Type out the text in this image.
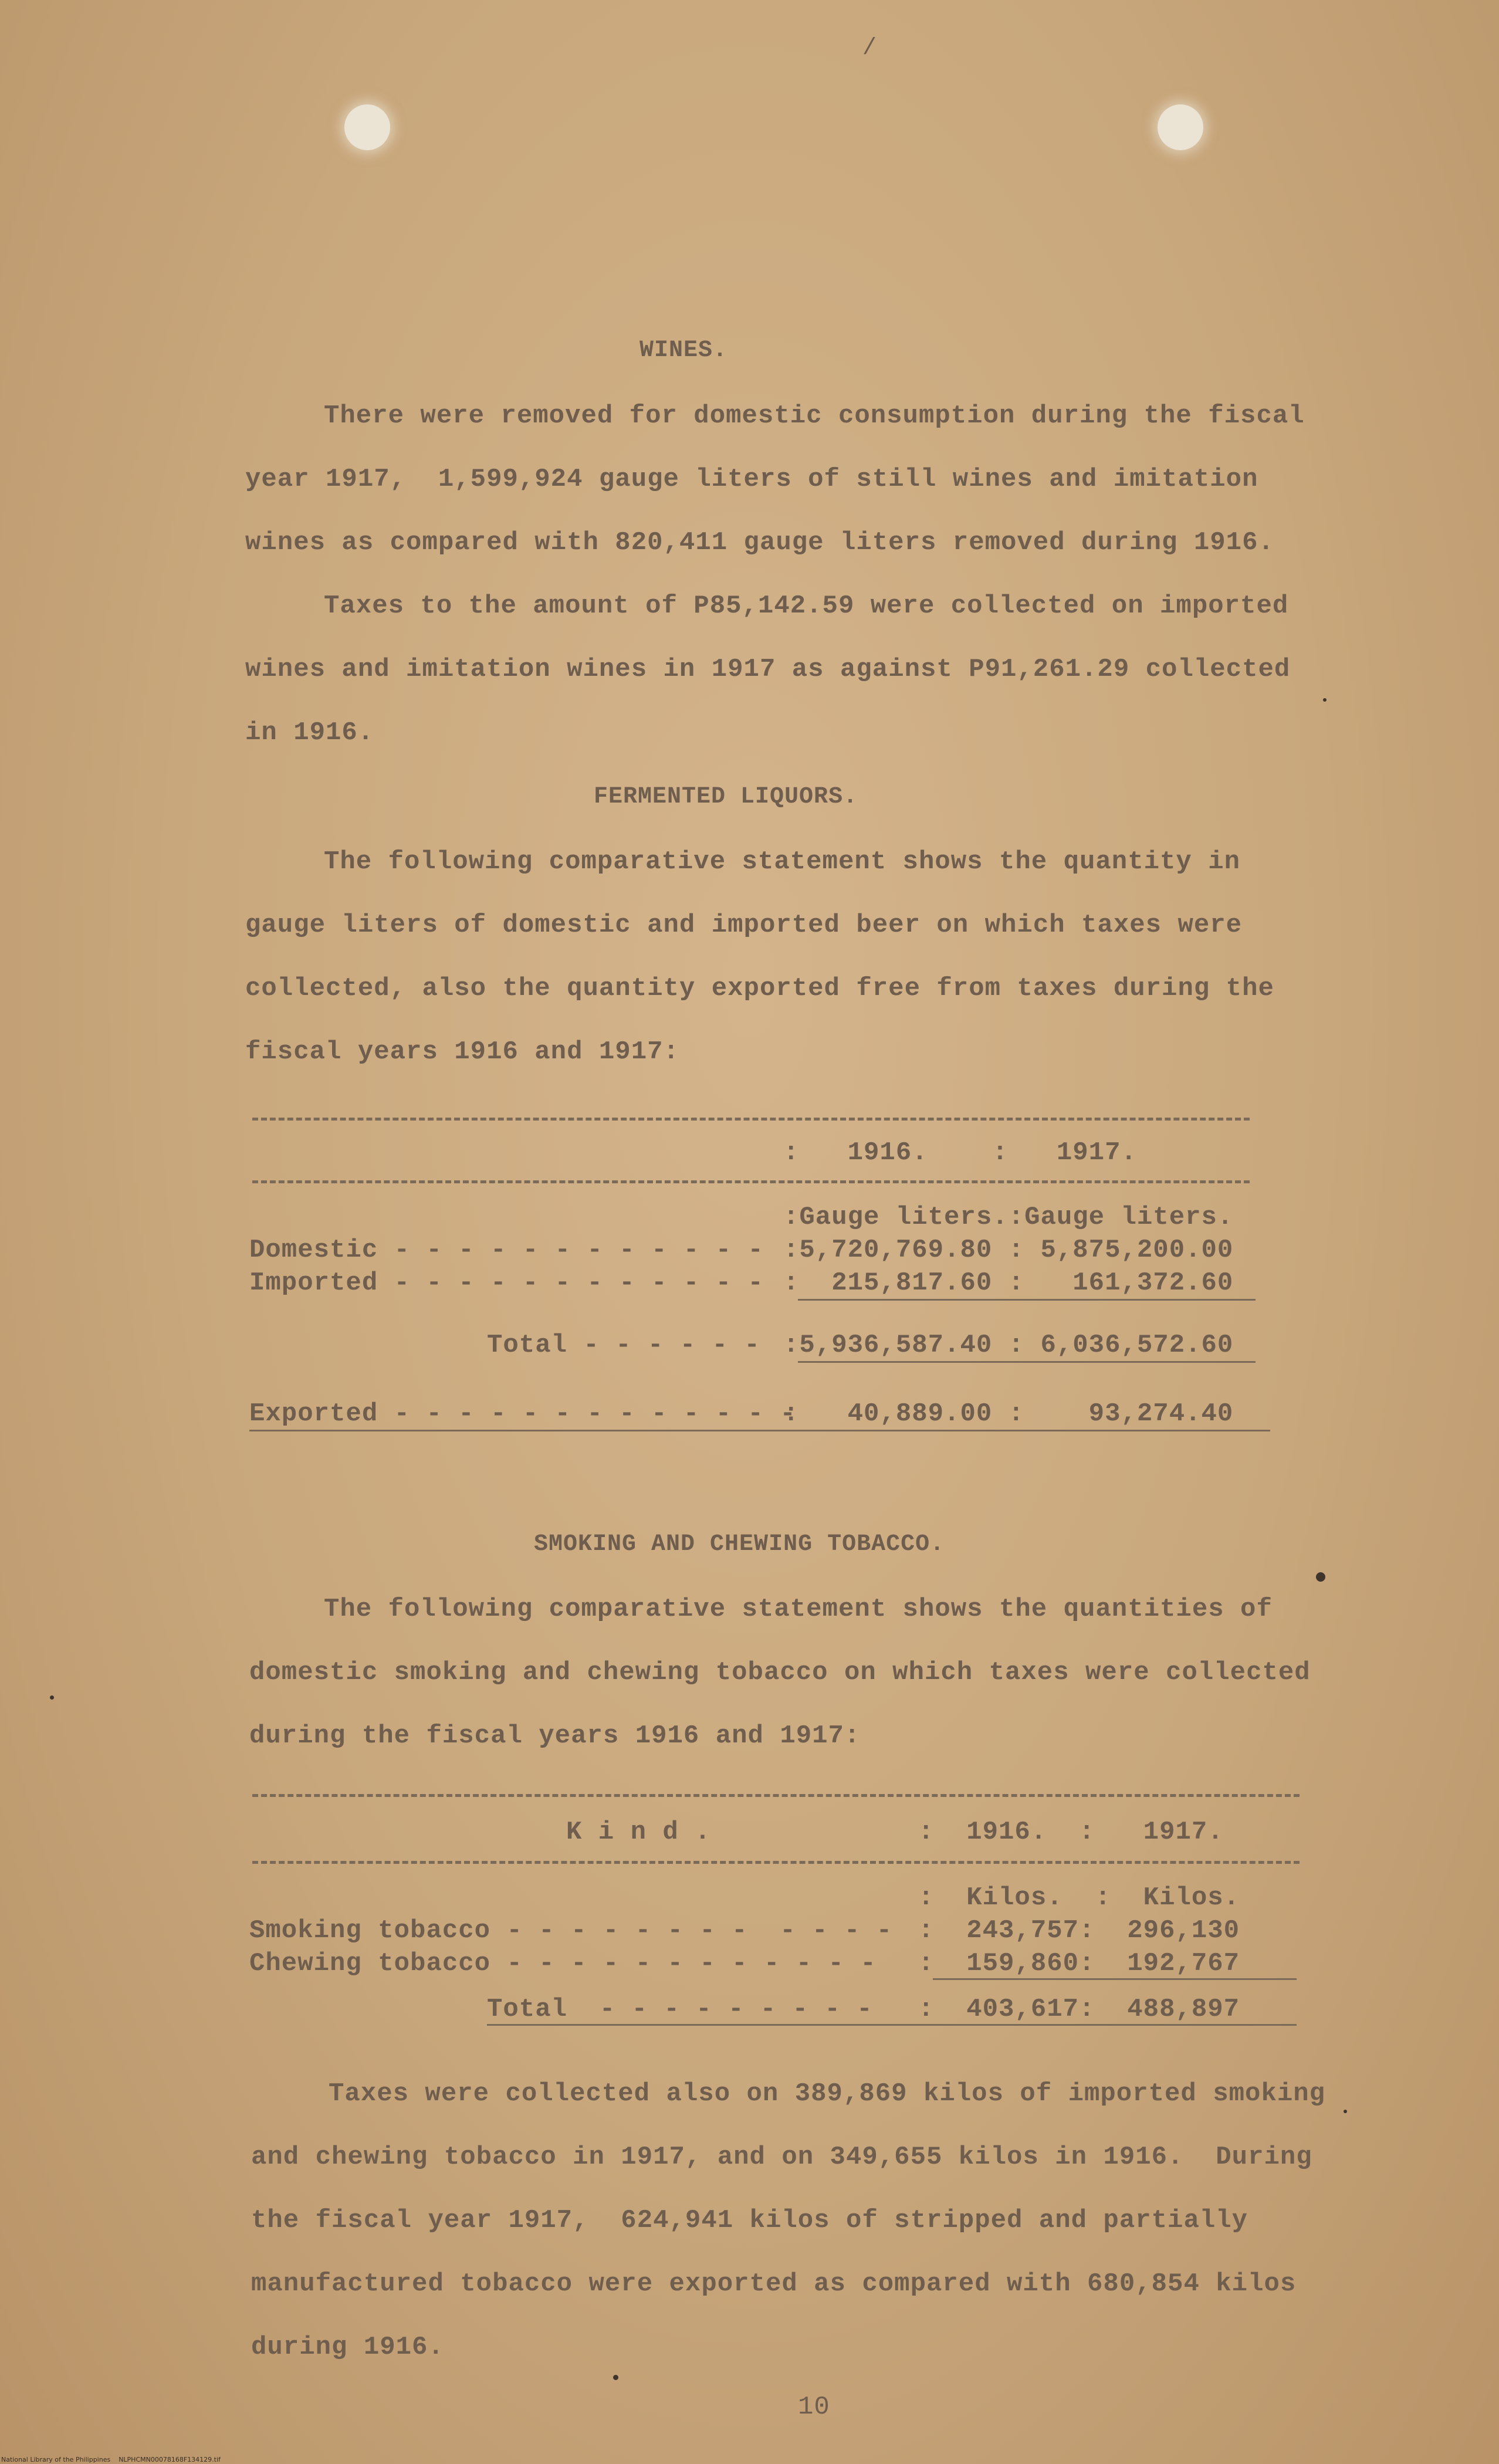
/
WINES.
There were removed for domestic consumption during the fiscal
year 1917,  1,599,924 gauge liters of still wines and imitation
wines as compared with 820,411 gauge liters removed during 1916.
Taxes to the amount of P85,142.59 were collected on imported
wines and imitation wines in 1917 as against P91,261.29 collected
in 1916.
FERMENTED LIQUORS.
The following comparative statement shows the quantity in
gauge liters of domestic and imported beer on which taxes were
collected, also the quantity exported free from taxes during the
fiscal years 1916 and 1917:
:   1916.    :   1917.
:Gauge liters.:Gauge liters.
Domestic - - - - - - - - - - - - :5,720,769.80 : 5,875,200.00
Imported - - - - - - - - - - - - :  215,817.60 :   161,372.60
Total - - - - - - :5,936,587.40 : 6,036,572.60
Exported - - - - - - - - - - - - -
:   40,889.00 :    93,274.40
SMOKING AND CHEWING TOBACCO.
The following comparative statement shows the quantities of
domestic smoking and chewing tobacco on which taxes were collected
during the fiscal years 1916 and 1917:
K i n d .	:  1916.  :   1917.
:  Kilos.  :  Kilos.
Smoking tobacco - - - - - - - -  - - - - :  243,757:  296,130
Chewing tobacco - - - - - - - - - - - - :  159,860:  192,767
Total  - - - - - - - - - :  403,617:  488,897
Taxes were collected also on 389,869 kilos of imported smoking
and chewing tobacco in 1917, and on 349,655 kilos in 1916.  During
the fiscal year 1917,  624,941 kilos of stripped and partially
manufactured tobacco were exported as compared with 680,854 kilos
during 1916.
10
National Library of the Philippines    NLPHCMN00078168F134129.tif
